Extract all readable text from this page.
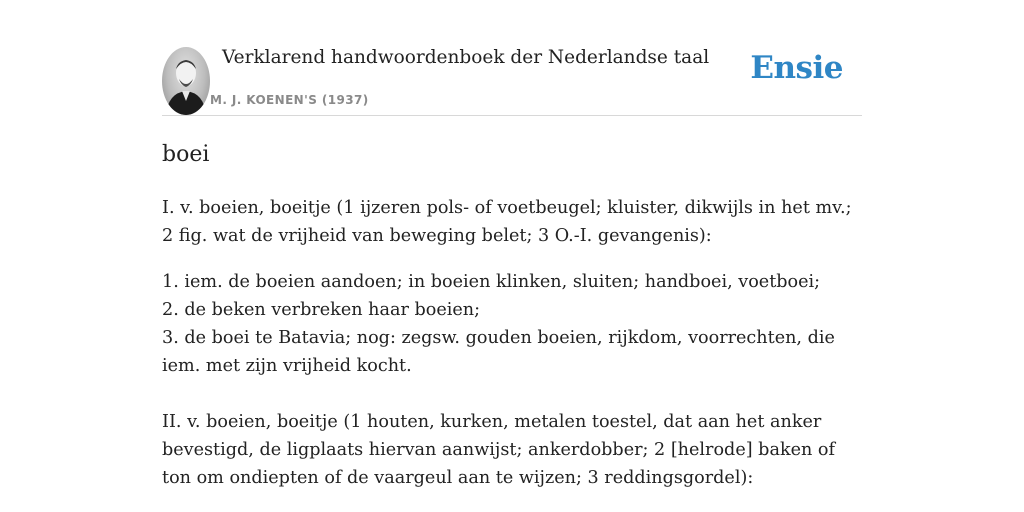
Verklarend handwoordenboek der Nederlandse taal
M. J. KOENEN'S (1937)
Ensie
boei

I. v. boeien, boeitje (1 ijzeren pols- of voetbeugel; kluister, dikwijls in het mv.; 2 fig. wat de vrijheid van beweging belet; 3 O.-I. gevangenis):

1. iem. de boeien aandoen; in boeien klinken, sluiten; handboei, voetboei;
2. de beken verbreken haar boeien;
3. de boei te Batavia; nog: zegsw. gouden boeien, rijkdom, voorrechten, die iem. met zijn vrijheid kocht.

II. v. boeien, boeitje (1 houten, kurken, metalen toestel, dat aan het anker bevestigd, de ligplaats hiervan aanwijst; ankerdobber; 2 [helrode] baken of ton om ondiepten of de vaargeul aan te wijzen; 3 reddingsgordel):
